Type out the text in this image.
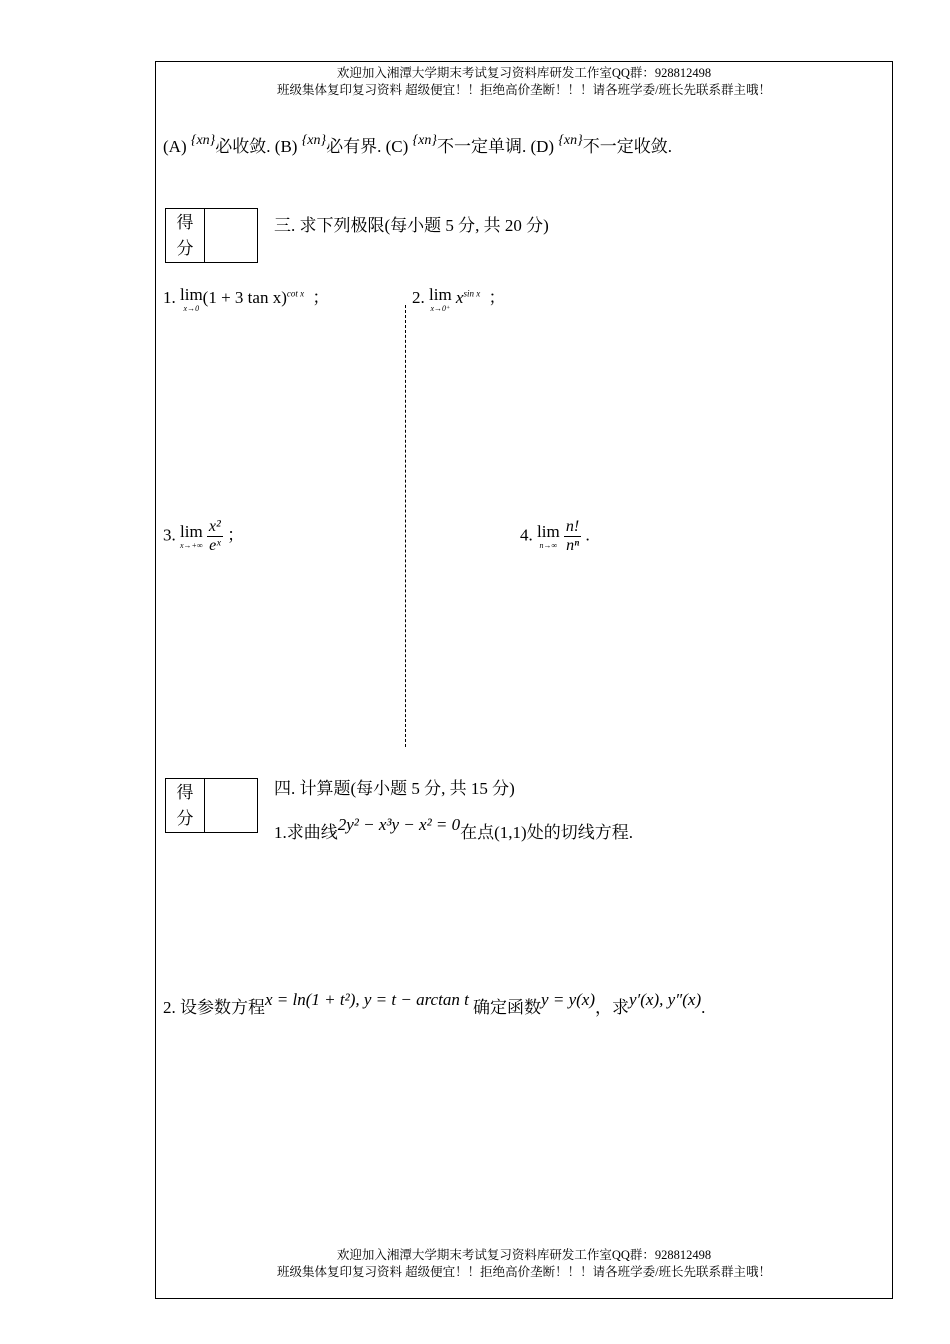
欢迎加入湘潭大学期末考试复习资料库研发工作室QQ群：928812498
班级集体复印复习资料 超级便宜！！拒绝高价垄断！！！请各班学委/班长先联系群主哦！
(A) $^{\{xn\}}$必收敛. (B) $^{\{xn\}}$必有界. (C) $^{\{xn\}}$不一定单调. (D) $^{\{xn\}}$不一定收敛.
得
分
三. 求下列极限(每小题 5 分, 共 20 分)
1. lim
x→0
(1 + 3 tan x)$^{cot x}$ ；	2. lim
x→0⁺
$x^{sin x}$ ；
3. lim
x→+∞
$\frac{\text{x²}}{\text{eˣ}}$ ；	4. lim
n→∞
$\frac{n!}{\text{nⁿ}}$ .
得
分
四. 计算题(每小题 5 分, 共 15 分)
1.求曲线2y² − x³y − x² = 0在点(1,1)处的切线方程.
2. 设参数方程x = ln(1 + t²), y = t − arctan t 确定函数y = y(x)，求y′(x), y″(x).
欢迎加入湘潭大学期末考试复习资料库研发工作室QQ群：928812498
班级集体复印复习资料 超级便宜！！拒绝高价垄断！！！请各班学委/班长先联系群主哦！
